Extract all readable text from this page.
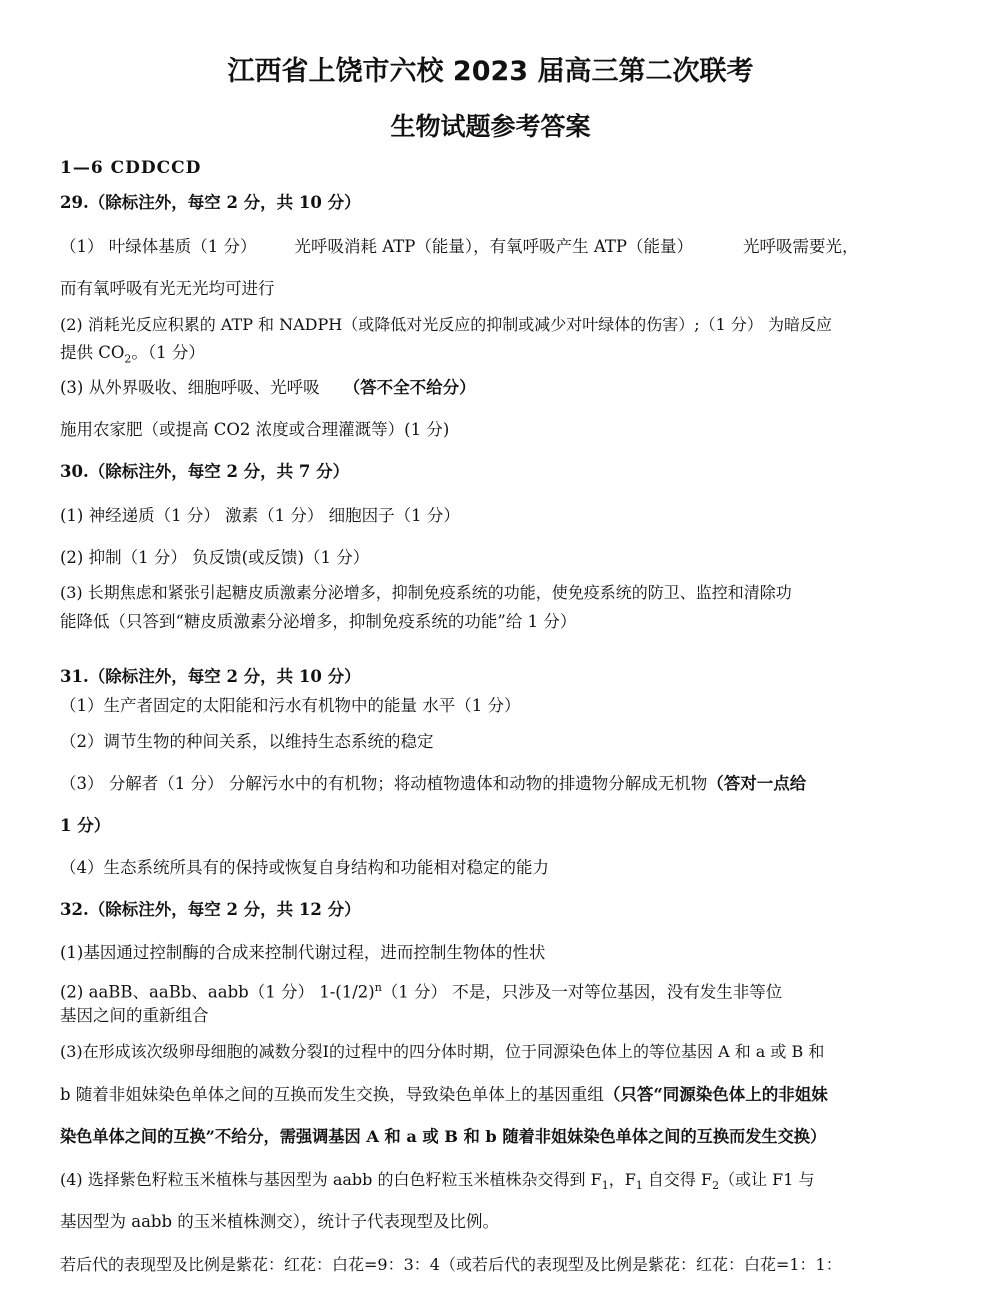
江西省上饶市六校 2023 届高三第二次联考
生物试题参考答案
1—6 CDDCCD
29.（除标注外，每空 2 分，共 10 分）
（1） 叶绿体基质（1 分） 光呼吸消耗 ATP（能量），有氧呼吸产生 ATP（能量）	光呼吸需要光，
而有氧呼吸有光无光均可进行
(2) 消耗光反应积累的 ATP 和 NADPH（或降低对光反应的抑制或减少对叶绿体的伤害）;（1 分） 为暗反应
提供 $CO_2$。（1 分）
(3) 从外界吸收、细胞呼吸、光呼吸 （答不全不给分）
施用农家肥（或提高 CO2 浓度或合理灌溉等）(1 分)
30.（除标注外，每空 2 分，共 7 分）
(1) 神经递质（1 分） 激素（1 分） 细胞因子（1 分）
(2) 抑制（1 分） 负反馈(或反馈)（1 分）
(3) 长期焦虑和紧张引起糖皮质激素分泌增多，抑制免疫系统的功能，使免疫系统的防卫、监控和清除功
能降低（只答到“糖皮质激素分泌增多，抑制免疫系统的功能”给 1 分）
31.（除标注外，每空 2 分，共 10 分）
（1）生产者固定的太阳能和污水有机物中的能量 水平（1 分）
（2）调节生物的种间关系，以维持生态系统的稳定
（3） 分解者（1 分） 分解污水中的有机物；将动植物遗体和动物的排遗物分解成无机物（答对一点给
1 分）
（4）生态系统所具有的保持或恢复自身结构和功能相对稳定的能力
32.（除标注外，每空 2 分，共 12 分）
(1)基因通过控制酶的合成来控制代谢过程，进而控制生物体的性状
(2) aaBB、aaBb、aabb（1 分） $1-(1/2)^n(1$ 分） 不是，只涉及一对等位基因，没有发生非等位
基因之间的重新组合
(3)在形成该次级卵母细胞的减数分裂Ⅰ的过程中的四分体时期，位于同源染色体上的等位基因 A 和 a 或 B 和
b 随着非姐妹染色单体之间的互换而发生交换，导致染色单体上的基因重组（只答“同源染色体上的非姐妹
染色单体之间的互换”不给分，需强调基因 A 和 a 或 B 和 b 随着非姐妹染色单体之间的互换而发生交换）
(4) 选择紫色籽粒玉米植株与基因型为 aabb 的白色籽粒玉米植株杂交得到 $F_1$，$F_1$ 自交得 $F_2$（或让 F1 与
基因型为 aabb 的玉米植株测交），统计子代表现型及比例。
若后代的表现型及比例是紫花：红花：白花=9：3：4（或若后代的表现型及比例是紫花：红花：白花=1：1：
